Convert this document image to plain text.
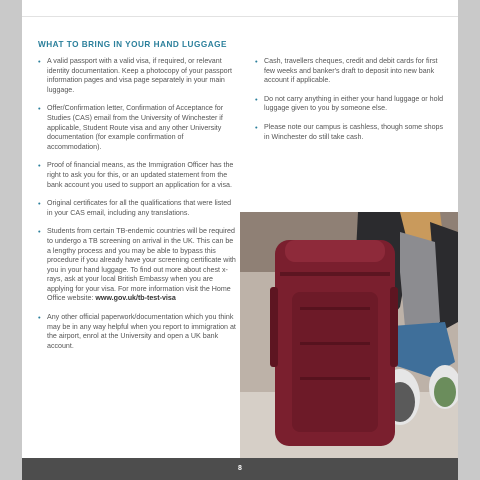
WHAT TO BRING IN YOUR HAND LUGGAGE
• A valid passport with a valid visa, if required, or relevant identity documentation. Keep a photocopy of your passport information pages and visa page separately in your main luggage.
• Offer/Confirmation letter, Confirmation of Acceptance for Studies (CAS) email from the University of Winchester if applicable, Student Route visa and any other University documentation (for example confirmation of accommodation).
• Proof of financial means, as the Immigration Officer has the right to ask you for this, or an updated statement from the bank account you used to support an application for a visa.
• Original certificates for all the qualifications that were listed in your CAS email, including any translations.
• Students from certain TB-endemic countries will be required to undergo a TB screening on arrival in the UK. This can be a lengthy process and you may be able to bypass this procedure if you already have your screening certificate with you in your hand luggage. To find out more about chest x-rays, ask at your local British Embassy when you are applying for your visa. For more information visit the Home Office website: www.gov.uk/tb-test-visa
• Any other official paperwork/documentation which you think may be in any way helpful when you report to immigration at the airport, enrol at the University and open a UK bank account.
• Cash, travellers cheques, credit and debit cards for first few weeks and banker's draft to deposit into new bank account if applicable.
• Do not carry anything in either your hand luggage or hold luggage given to you by someone else.
• Please note our campus is cashless, though some shops in Winchester do still take cash.
8
